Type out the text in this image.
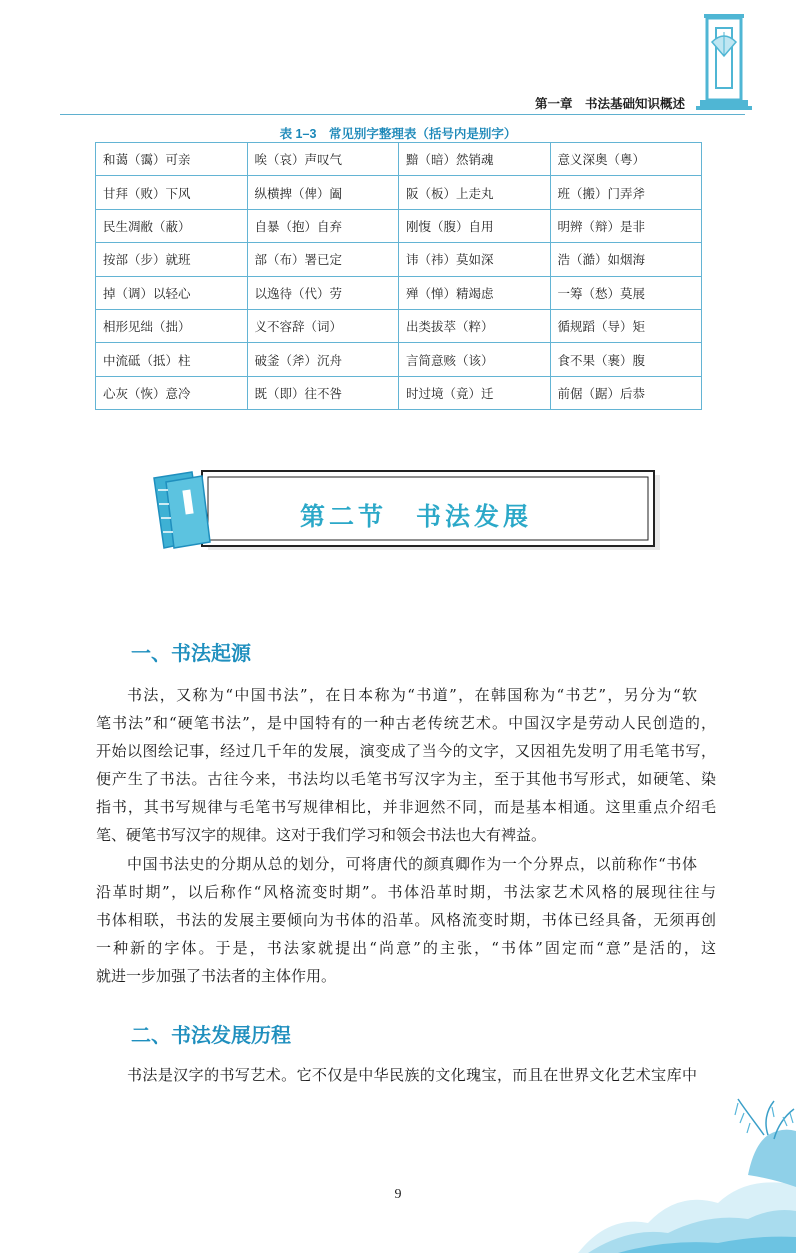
第一章　书法基础知识概述
表 1–3　常见别字整理表（括号内是别字）
和蔼（霭）可亲	唉（哀）声叹气	黯（暗）然销魂	意义深奥（粤）
甘拜（败）下风	纵横捭（俾）阖	阪（板）上走丸	班（搬）门弄斧
民生凋敝（蔽）	自暴（抱）自弃	刚愎（腹）自用	明辨（辩）是非
按部（步）就班	部（布）署已定	讳（祎）莫如深	浩（澔）如烟海
掉（调）以轻心	以逸待（代）劳	殚（惮）精竭虑	一筹（愁）莫展
相形见绌（拙）	义不容辞（词）	出类拔萃（粹）	循规蹈（导）矩
中流砥（抵）柱	破釜（斧）沉舟	言简意赅（该）	食不果（裹）腹
心灰（恢）意冷	既（即）往不咎	时过境（竟）迁	前倨（踞）后恭
第二节　书法发展
一、书法起源
书法，又称为“中国书法”，在日本称为“书道”，在韩国称为“书艺”，另分为“软
笔书法”和“硬笔书法”，是中国特有的一种古老传统艺术。中国汉字是劳动人民创造的，
开始以图绘记事，经过几千年的发展，演变成了当今的文字，又因祖先发明了用毛笔书写，
便产生了书法。古往今来，书法均以毛笔书写汉字为主，至于其他书写形式，如硬笔、染
指书，其书写规律与毛笔书写规律相比，并非迥然不同，而是基本相通。这里重点介绍毛
笔、硬笔书写汉字的规律。这对于我们学习和领会书法也大有裨益。
中国书法史的分期从总的划分，可将唐代的颜真卿作为一个分界点，以前称作“书体
沿革时期”，以后称作“风格流变时期”。书体沿革时期，书法家艺术风格的展现往往与
书体相联，书法的发展主要倾向为书体的沿革。风格流变时期，书体已经具备，无须再创
一种新的字体。于是，书法家就提出“尚意”的主张，“书体”固定而“意”是活的，这
就进一步加强了书法者的主体作用。
二、书法发展历程
书法是汉字的书写艺术。它不仅是中华民族的文化瑰宝，而且在世界文化艺术宝库中
9
